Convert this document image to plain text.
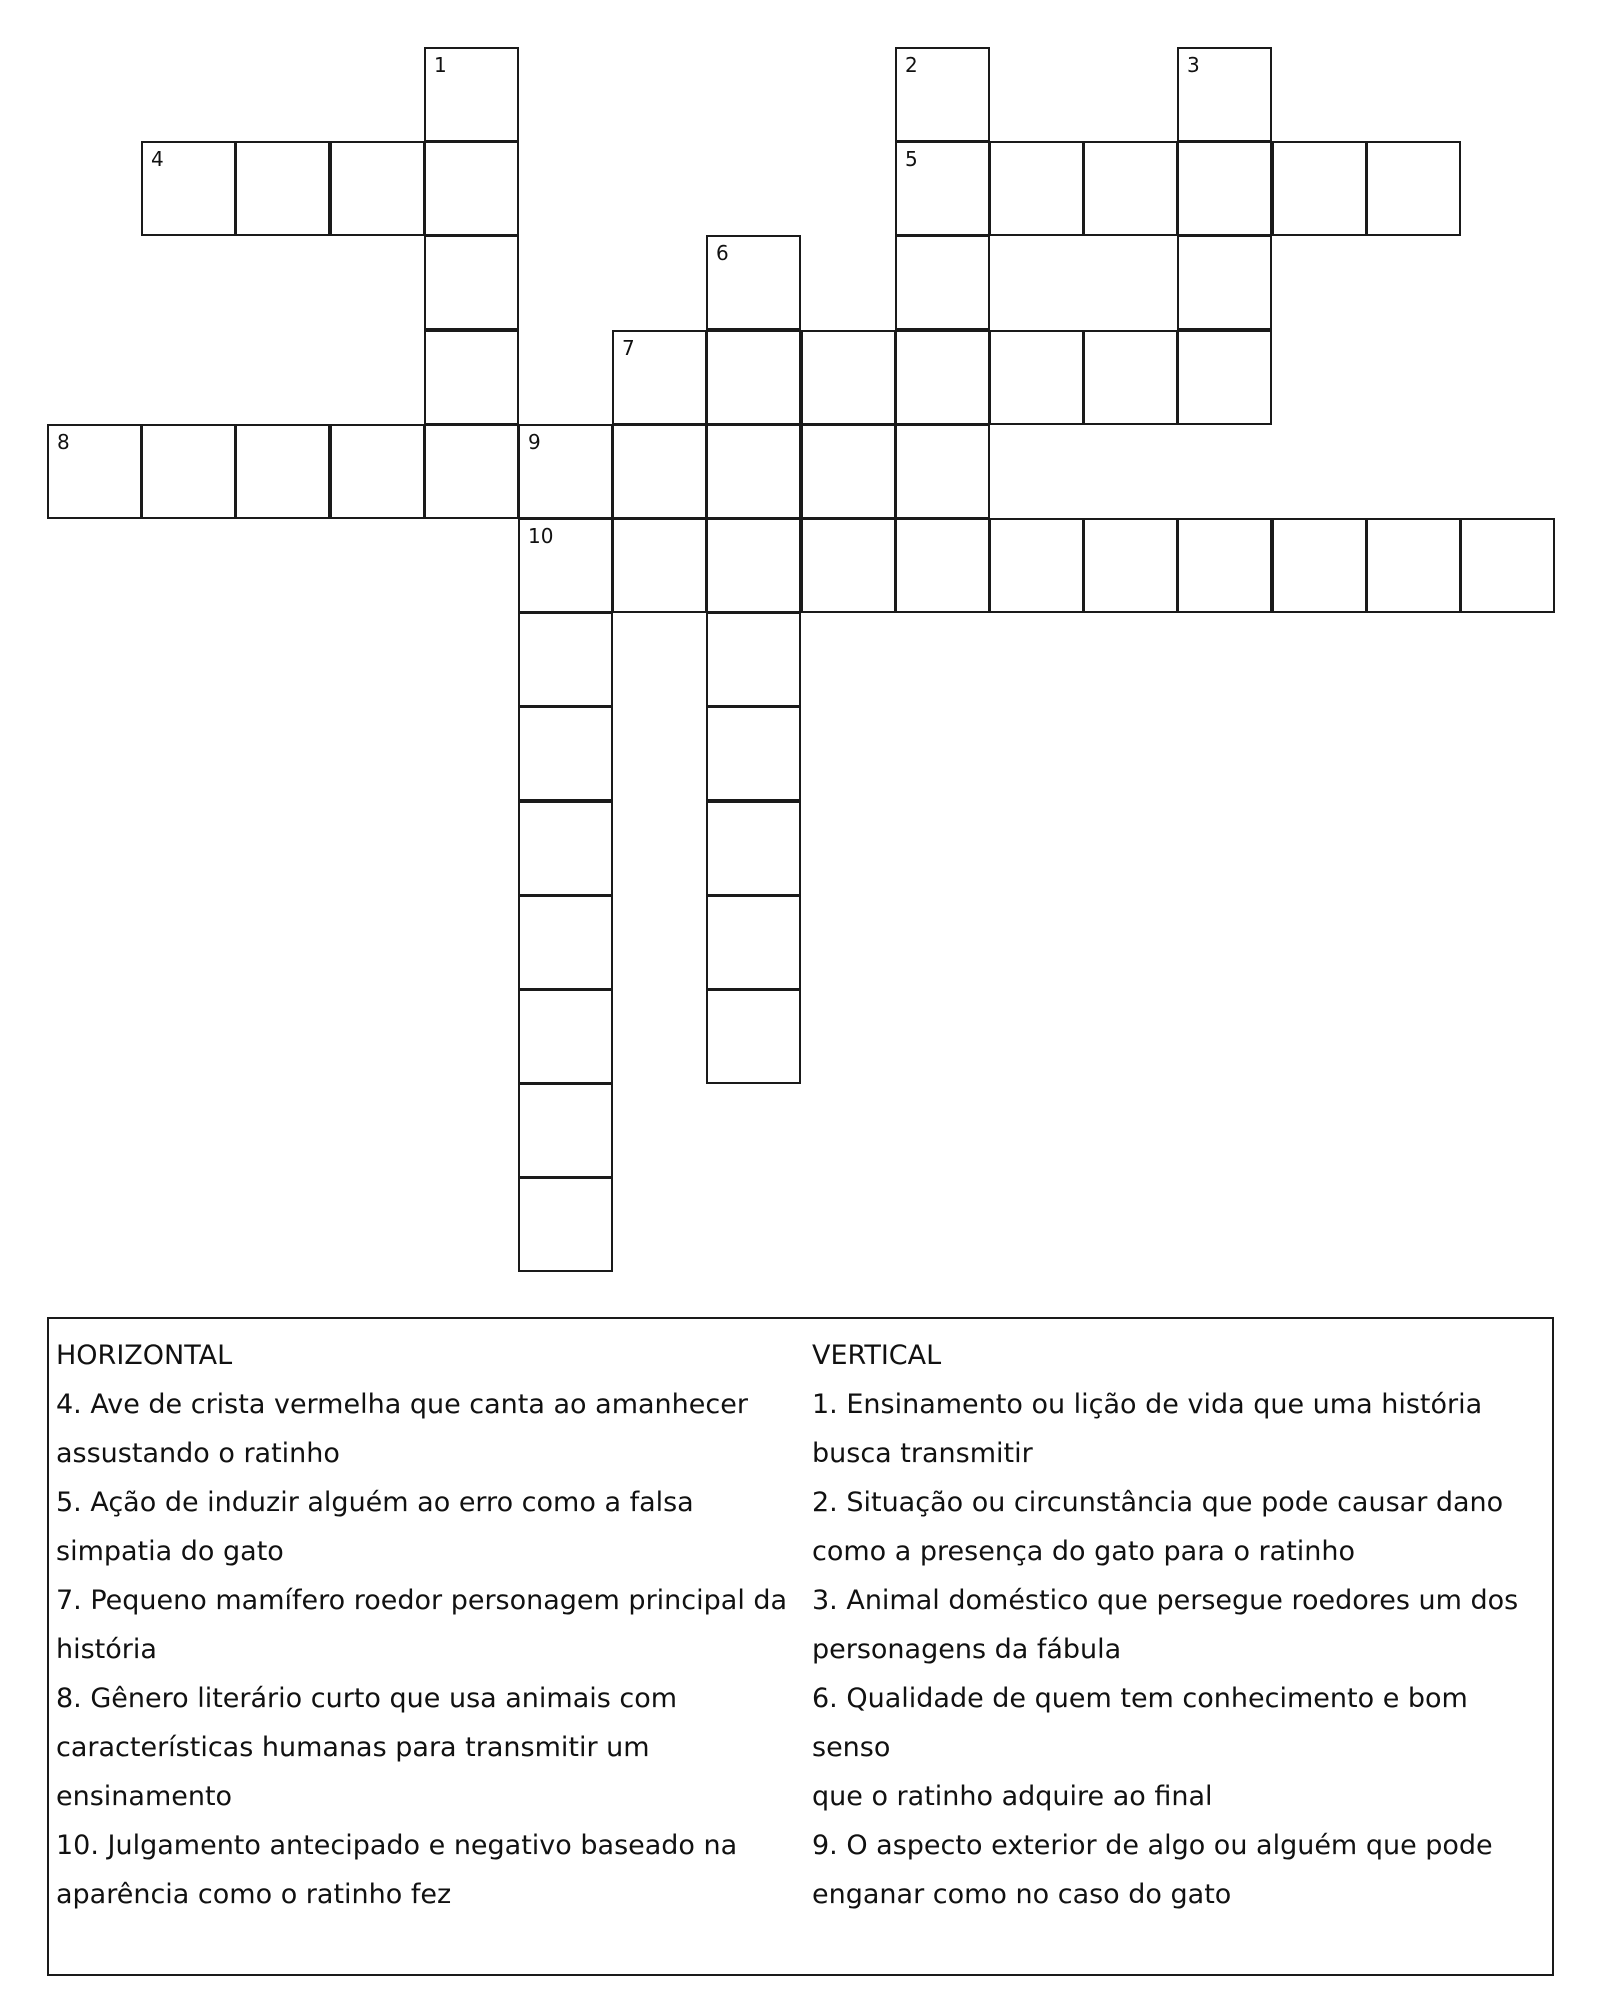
1	2	3
4	5
6
7
8	9
10
HORIZONTAL
4. Ave de crista vermelha que canta ao amanhecer
assustando o ratinho
5. Ação de induzir alguém ao erro como a falsa
simpatia do gato
7. Pequeno mamífero roedor personagem principal da
história
8. Gênero literário curto que usa animais com
características humanas para transmitir um
ensinamento
10. Julgamento antecipado e negativo baseado na
aparência como o ratinho fez
VERTICAL
1. Ensinamento ou lição de vida que uma história
busca transmitir
2. Situação ou circunstância que pode causar dano
como a presença do gato para o ratinho
3. Animal doméstico que persegue roedores um dos
personagens da fábula
6. Qualidade de quem tem conhecimento e bom senso
que o ratinho adquire ao final
9. O aspecto exterior de algo ou alguém que pode
enganar como no caso do gato
